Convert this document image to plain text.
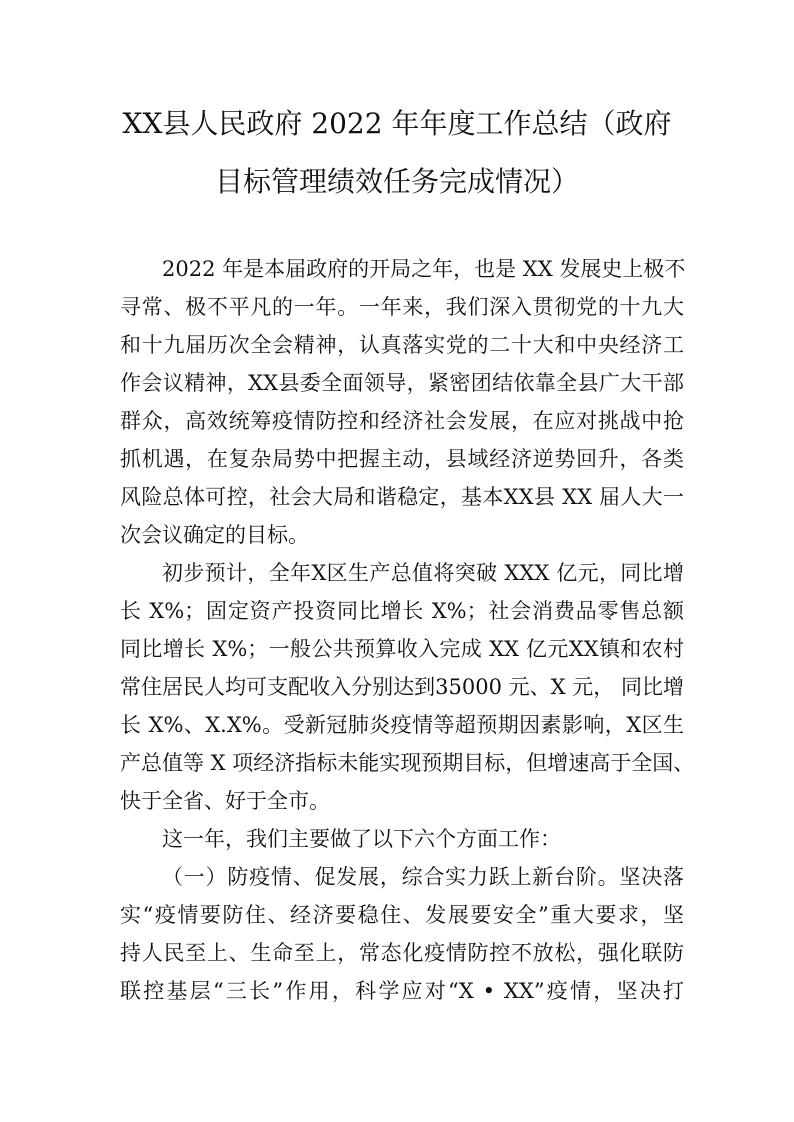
XX县人民政府 2022 年年度工作总结（政府
目标管理绩效任务完成情况）
2022 年是本届政府的开局之年，也是 XX 发展史上极不
寻常、极不平凡的一年。一年来，我们深入贯彻党的十九大
和十九届历次全会精神，认真落实党的二十大和中央经济工
作会议精神，XX县委全面领导，紧密团结依靠全县广大干部
群众，高效统筹疫情防控和经济社会发展，在应对挑战中抢
抓机遇，在复杂局势中把握主动，县域经济逆势回升，各类
风险总体可控，社会大局和谐稳定，基本XX县 XX 届人大一
次会议确定的目标。
初步预计，全年X区生产总值将突破 XXX 亿元，同比增
长 X%；固定资产投资同比增长 X%；社会消费品零售总额
同比增长 X%；一般公共预算收入完成 XX 亿元XX镇和农村
常住居民人均可支配收入分别达到35000 元、X 元， 同比增
长 X%、X.X%。受新冠肺炎疫情等超预期因素影响，X区生
产总值等 X 项经济指标未能实现预期目标，但增速高于全国、
快于全省、好于全市。
这一年，我们主要做了以下六个方面工作：
（一）防疫情、促发展，综合实力跃上新台阶。坚决落
实“疫情要防住、经济要稳住、发展要安全”重大要求，坚
持人民至上、生命至上，常态化疫情防控不放松，强化联防
联控基层“三长”作用，科学应对“X • XX”疫情，坚决打
